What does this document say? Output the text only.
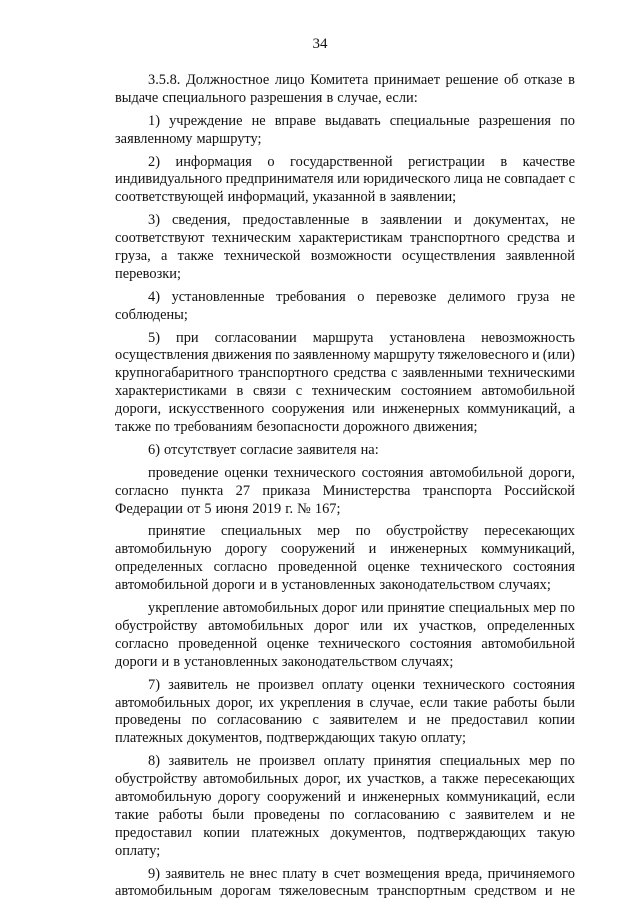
34
3.5.8. Должностное лицо Комитета принимает решение об отказе в
выдаче специального разрешения в случае, если:
1) учреждение не вправе выдавать специальные разрешения по
заявленному маршруту;
2) информация о государственной регистрации в качестве
индивидуального предпринимателя или юридического лица не совпадает с
соответствующей информаций, указанной в заявлении;
3) сведения, предоставленные в заявлении и документах, не
соответствуют техническим характеристикам транспортного средства и
груза, а также технической возможности осуществления заявленной
перевозки;
4) установленные требования о перевозке делимого груза не
соблюдены;
5) при согласовании маршрута установлена невозможность
осуществления движения по заявленному маршруту тяжеловесного и (или)
крупногабаритного транспортного средства с заявленными техническими
характеристиками в связи с техническим состоянием автомобильной
дороги, искусственного сооружения или инженерных коммуникаций, а
также по требованиям безопасности дорожного движения;
6) отсутствует согласие заявителя на:
проведение оценки технического состояния автомобильной дороги,
согласно пункта 27 приказа Министерства транспорта Российской
Федерации от 5 июня 2019 г. № 167;
принятие специальных мер по обустройству пересекающих
автомобильную дорогу сооружений и инженерных коммуникаций,
определенных согласно проведенной оценке технического состояния
автомобильной дороги и в установленных законодательством случаях;
укрепление автомобильных дорог или принятие специальных мер по
обустройству автомобильных дорог или их участков, определенных
согласно проведенной оценке технического состояния автомобильной
дороги и в установленных законодательством случаях;
7) заявитель не произвел оплату оценки технического состояния
автомобильных дорог, их укрепления в случае, если такие работы были
проведены по согласованию с заявителем и не предоставил копии
платежных документов, подтверждающих такую оплату;
8) заявитель не произвел оплату принятия специальных мер по
обустройству автомобильных дорог, их участков, а также пересекающих
автомобильную дорогу сооружений и инженерных коммуникаций, если
такие работы были проведены по согласованию с заявителем и не
предоставил копии платежных документов, подтверждающих такую
оплату;
9) заявитель не внес плату в счет возмещения вреда, причиняемого
автомобильным дорогам тяжеловесным транспортным средством и не
